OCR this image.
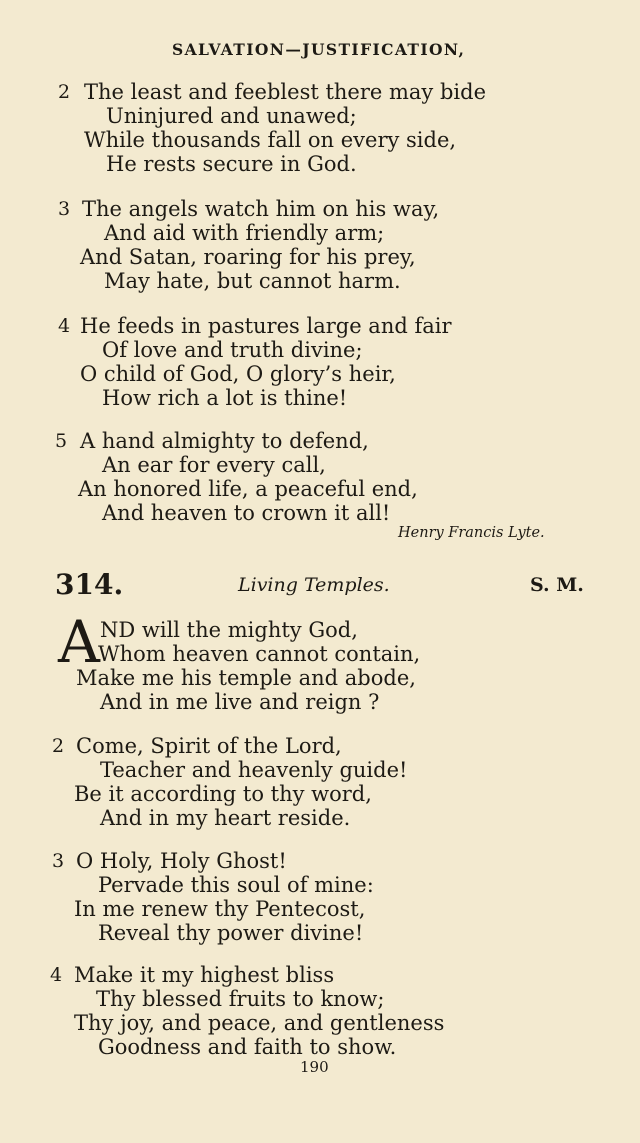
SALVATION—JUSTIFICATION,
2 The least and feeblest there may bide
Uninjured and unawed;
While thousands fall on every side,
He rests secure in God.
3 The angels watch him on his way,
And aid with friendly arm;
And Satan, roaring for his prey,
May hate, but cannot harm.
4 He feeds in pastures large and fair
Of love and truth divine;
O child of God, O glory’s heir,
How rich a lot is thine!
5 A hand almighty to defend,
An ear for every call,
An honored life, a peaceful end,
And heaven to crown it all!
Henry Francis Lyte.
314.	Living Temples.	S. M.
A ND will the mighty God,
Whom heaven cannot contain,
Make me his temple and abode,
And in me live and reign ?
2 Come, Spirit of the Lord,
Teacher and heavenly guide!
Be it according to thy word,
And in my heart reside.
3 O Holy, Holy Ghost!
Pervade this soul of mine:
In me renew thy Pentecost,
Reveal thy power divine!
4 Make it my highest bliss
Thy blessed fruits to know;
Thy joy, and peace, and gentleness
Goodness and faith to show.
190
